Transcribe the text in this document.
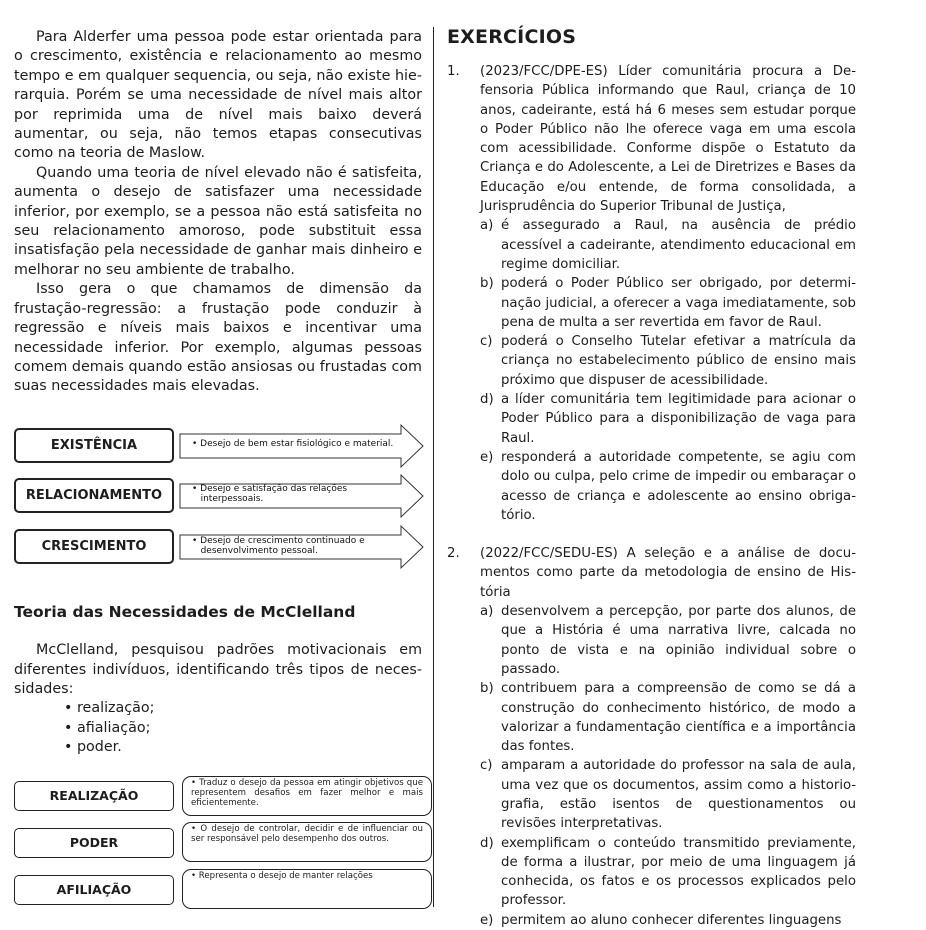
Para Alderfer uma pessoa pode estar orientada para o crescimento, existência e relacionamento ao mesmo tempo e em qualquer sequencia, ou seja, não existe hierarquia. Porém se uma necessidade de nível mais altor por reprimida uma de nível mais baixo deverá aumentar, ou seja, não temos etapas consecutivas como na teoria de Maslow.

Quando uma teoria de nível elevado não é satisfeita, aumenta o desejo de satisfazer uma necessidade inferior, por exemplo, se a pessoa não está satisfeita no seu relacionamento amoroso, pode substituit essa insatisfação pela necessidade de ganhar mais dinheiro e melhorar no seu ambiente de trabalho.

Isso gera o que chamamos de dimensão da frustação-regressão: a frustação pode conduzir à regressão e níveis mais baixos e incentivar uma necessidade inferior. Por exemplo, algumas pessoas comem demais quando estão ansiosas ou frustadas com suas necessidades mais elevadas.

EXISTÊNCIA	• Desejo de bem estar fisiológico e material.
RELACIONAMENTO	• Desejo e satisfação das relações
interpessoais.
CRESCIMENTO	• Desejo de crescimento continuado e
desenvolvimento pessoal.

Teoria das Necessidades de McClelland

McClelland, pesquisou padrões motivacionais em diferentes indivíduos, identificando três tipos de necessidades:

• realização;

• afialiação;

• poder.

REALIZAÇÃO
• Traduz o desejo da pessoa em atingir objetivos que representem desafios em fazer melhor e mais eficientemente.
PODER
• O desejo de controlar, decidir e de influenciar ou ser responsável pelo desempenho dos outros.
AFILIAÇÃO
• Representa o desejo de manter relações
EXERCÍCIOS
1. (2023/FCC/DPE-ES) Líder comunitária procura a Defensoria Pública informando que Raul, criança de 10 anos, cadeirante, está há 6 meses sem estudar porque o Poder Público não lhe oferece vaga em uma escola com acessibilidade. Conforme dispõe o Estatuto da Criança e do Adolescente, a Lei de Diretrizes e Bases da Educação e/ou entende, de forma consolidada, a Jurisprudência do Superior Tribunal de Justiça,
a) é assegurado a Raul, na ausência de prédio acessível a cadeirante, atendimento educacional em regime domiciliar.
b) poderá o Poder Público ser obrigado, por determinação judicial, a oferecer a vaga imediatamente, sob pena de multa a ser revertida em favor de Raul.
c) poderá o Conselho Tutelar efetivar a matrícula da criança no estabelecimento público de ensino mais próximo que dispuser de acessibilidade.
d) a líder comunitária tem legitimidade para acionar o Poder Público para a disponibilização de vaga para Raul.
e) responderá a autoridade competente, se agiu com dolo ou culpa, pelo crime de impedir ou embaraçar o acesso de criança e adolescente ao ensino obrigatório.
2. (2022/FCC/SEDU-ES) A seleção e a análise de documentos como parte da metodologia de ensino de História
a) desenvolvem a percepção, por parte dos alunos, de que a História é uma narrativa livre, calcada no ponto de vista e na opinião individual sobre o passado.
b) contribuem para a compreensão de como se dá a construção do conhecimento histórico, de modo a valorizar a fundamentação científica e a importância das fontes.
c) amparam a autoridade do professor na sala de aula, uma vez que os documentos, assim como a historiografia, estão isentos de questionamentos ou revisões interpretativas.
d) exemplificam o conteúdo transmitido previamente, de forma a ilustrar, por meio de uma linguagem já conhecida, os fatos e os processos explicados pelo professor.
e) permitem ao aluno conhecer diferentes linguagens
